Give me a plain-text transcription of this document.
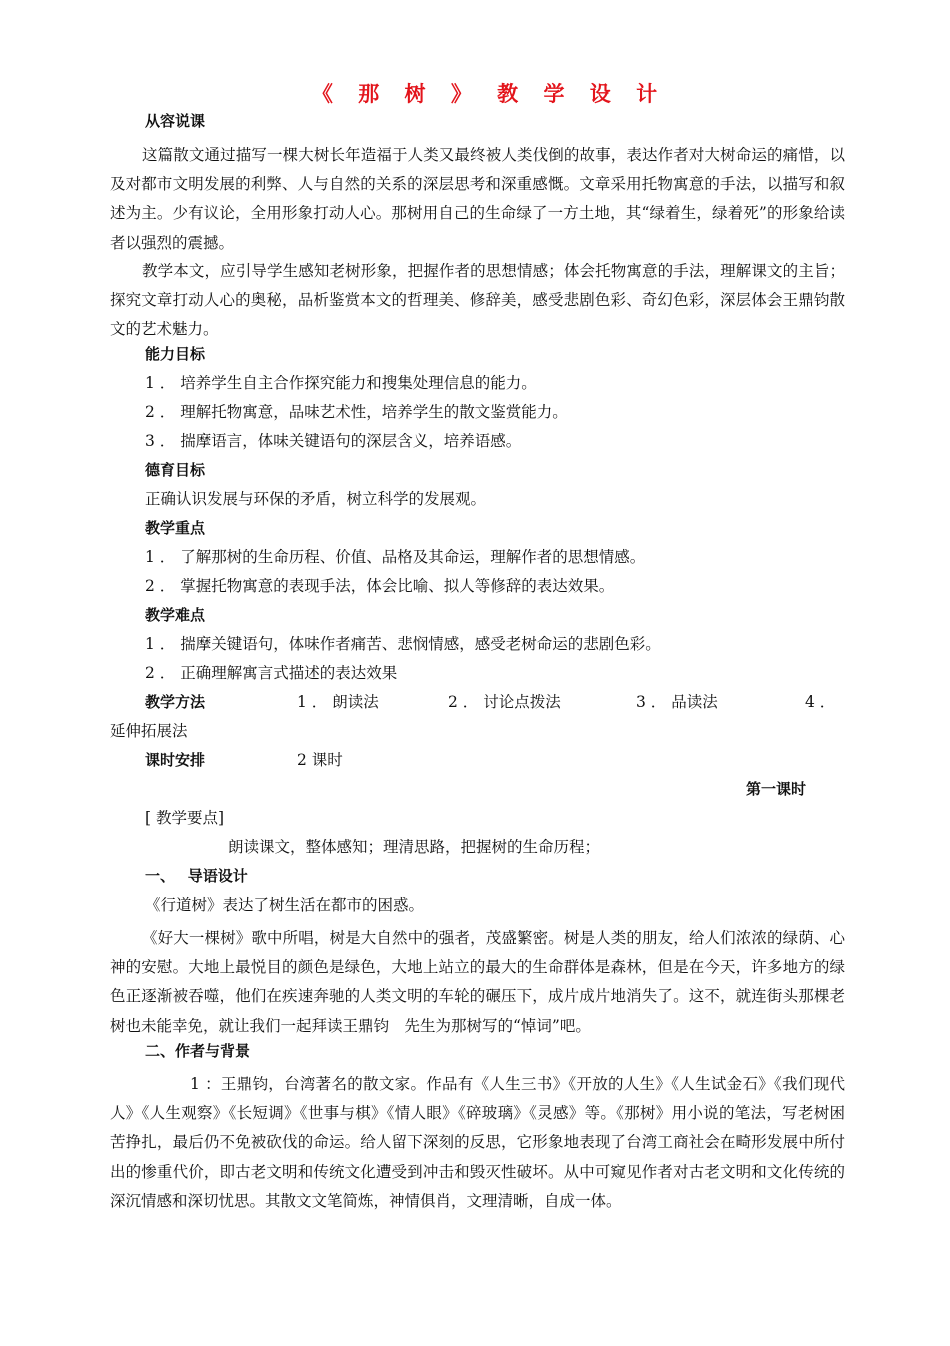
《 那 树 》 教 学 设 计
从容说课

这篇散文通过描写一棵大树长年造福于人类又最终被人类伐倒的故事，表达作者对大树命运的痛惜，以及对都市文明发展的利弊、人与自然的关系的深层思考和深重感慨。文章采用托物寓意的手法，以描写和叙述为主。少有议论，全用形象打动人心。那树用自己的生命绿了一方土地，其“绿着生，绿着死”的形象给读者以强烈的震撼。

教学本文，应引导学生感知老树形象，把握作者的思想情感；体会托物寓意的手法，理解课文的主旨；探究文章打动人心的奥秘，品析鉴赏本文的哲理美、修辞美，感受悲剧色彩、奇幻色彩，深层体会王鼎钧散文的艺术魅力。

能力目标
1 ． 培养学生自主合作探究能力和搜集处理信息的能力。
2 ． 理解托物寓意，品味艺术性，培养学生的散文鉴赏能力。
3 ． 揣摩语言，体味关键语句的深层含义，培养语感。
德育目标
正确认识发展与环保的矛盾，树立科学的发展观。
教学重点
1 ． 了解那树的生命历程、价值、品格及其命运，理解作者的思想情感。
2 ． 掌握托物寓意的表现手法，体会比喻、拟人等修辞的表达效果。
教学难点
1 ． 揣摩关键语句，体味作者痛苦、悲悯情感，感受老树命运的悲剧色彩。
2 ． 正确理解寓言式描述的表达效果
教学方法	1 ． 朗读法	2 ． 讨论点拨法	3 ． 品读法	4 ．
延伸拓展法
课时安排	2 课时
第一课时
[ 教学要点]
朗读课文，整体感知；理清思路，把握树的生命历程；
一、　 导语设计
《行道树》表达了树生活在都市的困惑。

《好大一棵树》歌中所唱，树是大自然中的强者，茂盛繁密。树是人类的朋友，给人们浓浓的绿荫、心神的安慰。大地上最悦目的颜色是绿色，大地上站立的最大的生命群体是森林，但是在今天，许多地方的绿色正逐渐被吞噬，他们在疾速奔驰的人类文明的车轮的碾压下，成片成片地消失了。这不，就连街头那棵老树也未能幸免，就让我们一起拜读王鼎钧　先生为那树写的“悼词”吧。

二、作者与背景

1 ：王鼎钧，台湾著名的散文家。作品有《人生三书》《开放的人生》《人生试金石》《我们现代人》《人生观察》《长短调》《世事与棋》《情人眼》《碎玻璃》《灵感》等。《那树》用小说的笔法，写老树困苦挣扎，最后仍不免被砍伐的命运。给人留下深刻的反思，它形象地表现了台湾工商社会在畸形发展中所付出的惨重代价，即古老文明和传统文化遭受到冲击和毁灭性破坏。从中可窥见作者对古老文明和文化传统的深沉情感和深切忧思。其散文文笔简炼，神情俱肖，文理清晰，自成一体。
